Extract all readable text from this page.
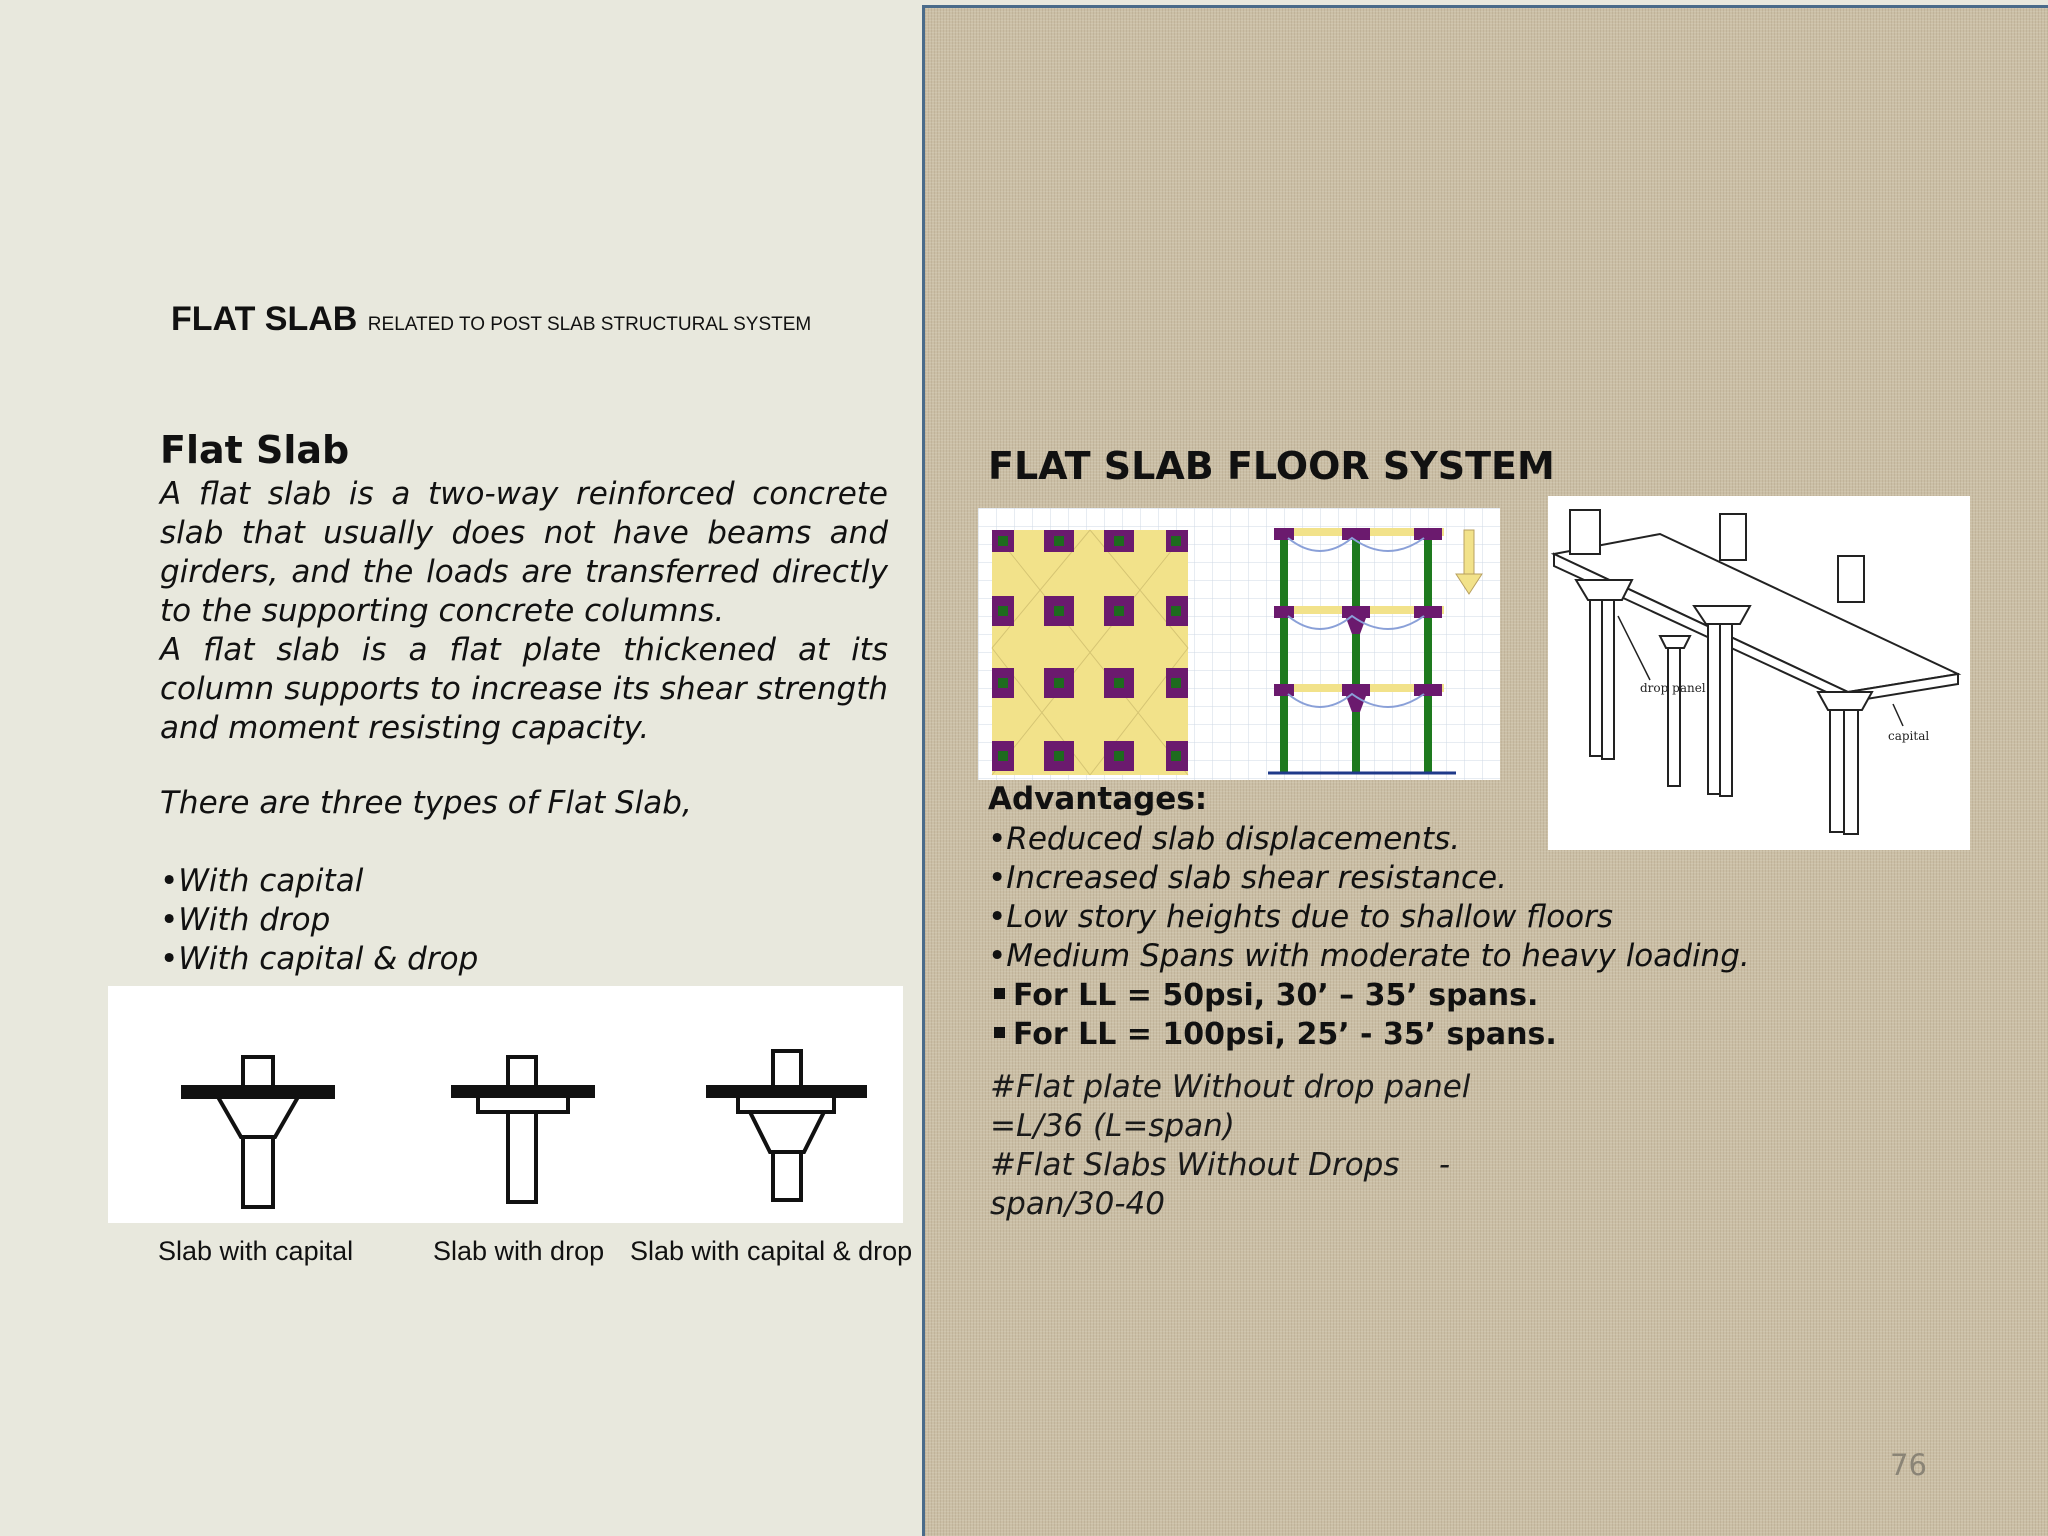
FLAT SLAB RELATED TO POST SLAB STRUCTURAL SYSTEM
Flat Slab

A flat slab is a two-way reinforced concrete slab that usually does not have beams and girders, and the loads are transferred directly to the supporting concrete columns.

A flat slab is a flat plate thickened at its column supports to increase its shear strength and moment resisting capacity.

There are three types of Flat Slab,
•With capital
•With drop
•With capital & drop
Slab with capital	Slab with drop Slab with capital & drop
FLAT SLAB FLOOR SYSTEM
drop panel
capital
Advantages:
•Reduced slab displacements.
•Increased slab shear resistance.
•Low story heights due to shallow floors
•Medium Spans with moderate to heavy loading.
For LL = 50psi, 30’ – 35’ spans.
For LL = 100psi, 25’ - 35’ spans.
#Flat plate Without drop panel
=L/36 (L=span)
#Flat Slabs Without Drops    -
span/30-40
76
